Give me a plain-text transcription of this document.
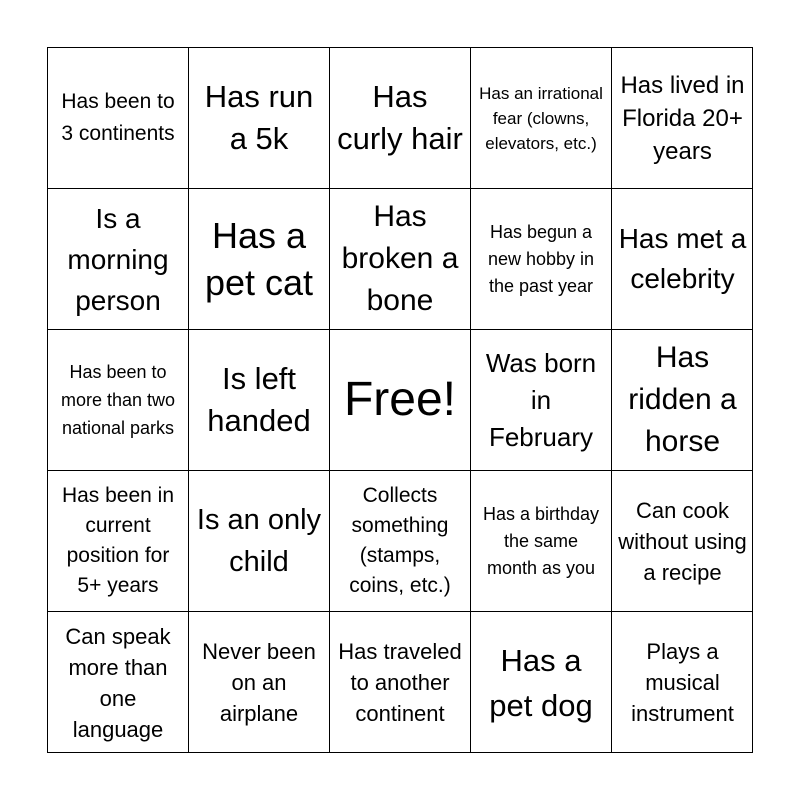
Has been to 3 continents
Has run a 5k
Has curly hair
Has an irrational fear (clowns, elevators, etc.)
Has lived in Florida 20+ years
Is a morning person
Has a pet cat
Has broken a bone
Has begun a new hobby in the past year
Has met a celebrity
Has been to more than two national parks
Is left handed Free!
Was born in February
Has ridden a horse
Has been in current position for 5+ years
Is an only child
Collects something (stamps, coins, etc.)
Has a birthday the same month as you
Can cook without using a recipe
Can speak more than one language
Never been on an airplane
Has traveled to another continent
Has a pet dog
Plays a musical instrument
